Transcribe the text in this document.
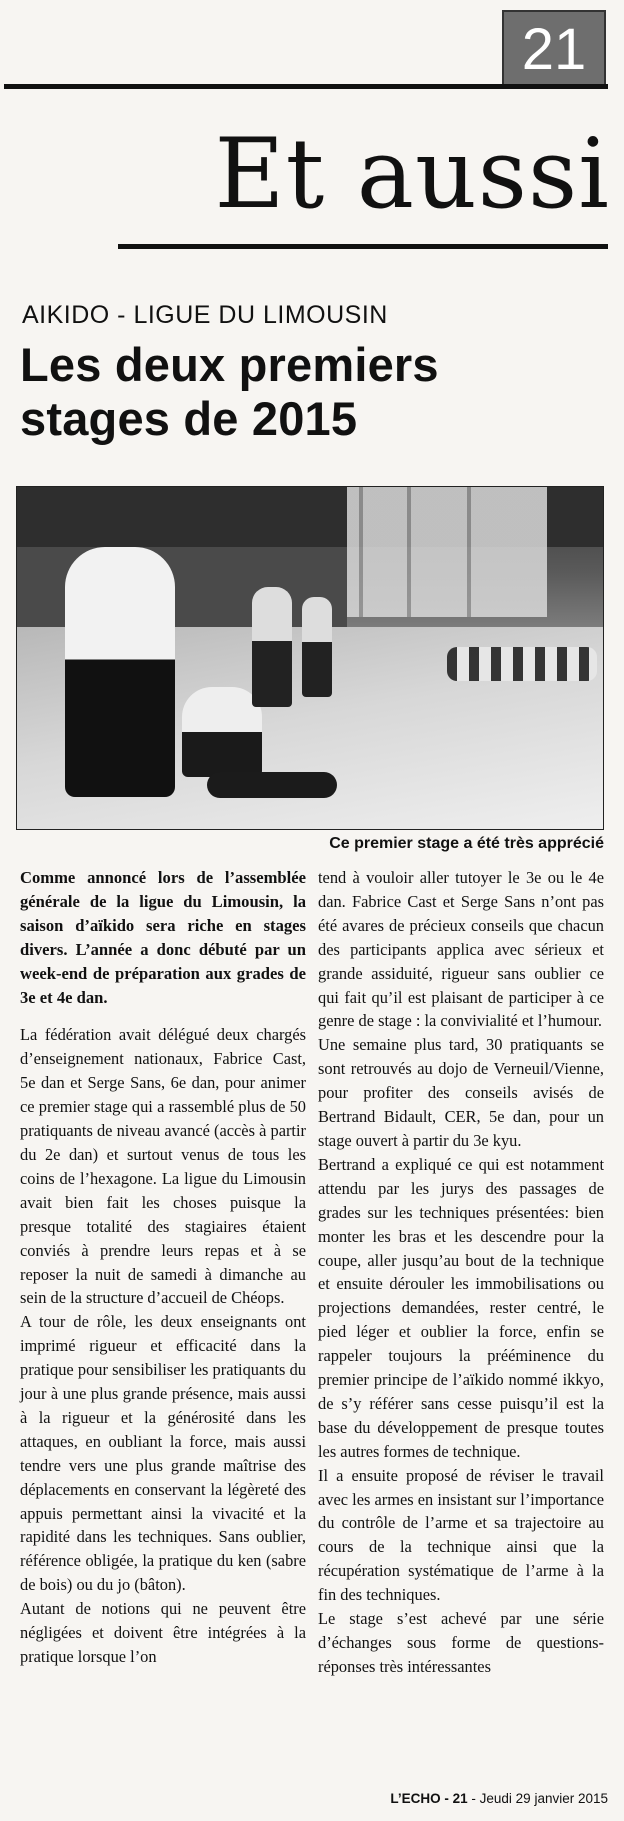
21
Et aussi
AIKIDO - LIGUE DU LIMOUSIN
Les deux premiers
stages de 2015
Ce premier stage a été très apprécié

Comme annoncé lors de l’assemblée générale de la ligue du Limousin, la saison d’aïkido sera riche en stages divers. L’année a donc débuté par un week-end de préparation aux grades de 3e et 4e dan.

La fédération avait délégué deux chargés d’enseignement nationaux, Fabrice Cast, 5e dan et Serge Sans, 6e dan, pour animer ce premier stage qui a rassemblé plus de 50 pratiquants de niveau avancé (accès à partir du 2e dan) et surtout venus de tous les coins de l’hexagone. La ligue du Limousin avait bien fait les choses puisque la presque totalité des stagiaires étaient conviés à prendre leurs repas et à se reposer la nuit de samedi à dimanche au sein de la structure d’accueil de Chéops.

A tour de rôle, les deux enseignants ont imprimé rigueur et efficacité dans la pratique pour sensibiliser les pratiquants du jour à une plus grande présence, mais aussi à la rigueur et la générosité dans les attaques, en oubliant la force, mais aussi tendre vers une plus grande maîtrise des déplacements en conservant la légèreté des appuis permettant ainsi la vivacité et la rapidité dans les techniques. Sans oublier, référence obligée, la pratique du ken (sabre de bois) ou du jo (bâton).

Autant de notions qui ne peuvent être négligées et doivent être intégrées à la pratique lorsque l’on

tend à vouloir aller tutoyer le 3e ou le 4e dan. Fabrice Cast et Serge Sans n’ont pas été avares de précieux conseils que chacun des participants applica avec sérieux et grande assiduité, rigueur sans oublier ce qui fait qu’il est plaisant de participer à ce genre de stage : la convivialité et l’humour.

Une semaine plus tard, 30 pratiquants se sont retrouvés au dojo de Verneuil/Vienne, pour profiter des conseils avisés de Bertrand Bidault, CER, 5e dan, pour un stage ouvert à partir du 3e kyu.

Bertrand a expliqué ce qui est notamment attendu par les jurys des passages de grades sur les techniques présentées: bien monter les bras et les descendre pour la coupe, aller jusqu’au bout de la technique et ensuite dérouler les immobilisations ou projections demandées, rester centré, le pied léger et oublier la force, enfin se rappeler toujours la prééminence du premier principe de l’aïkido nommé ikkyo, de s’y référer sans cesse puisqu’il est la base du développement de presque toutes les autres formes de technique.

Il a ensuite proposé de réviser le travail avec les armes en insistant sur l’importance du contrôle de l’arme et sa trajectoire au cours de la technique ainsi que la récupération systématique de l’arme à la fin des techniques.

Le stage s’est achevé par une série d’échanges sous forme de questions-réponses très intéressantes

L’ECHO - 21 - Jeudi 29 janvier 2015
